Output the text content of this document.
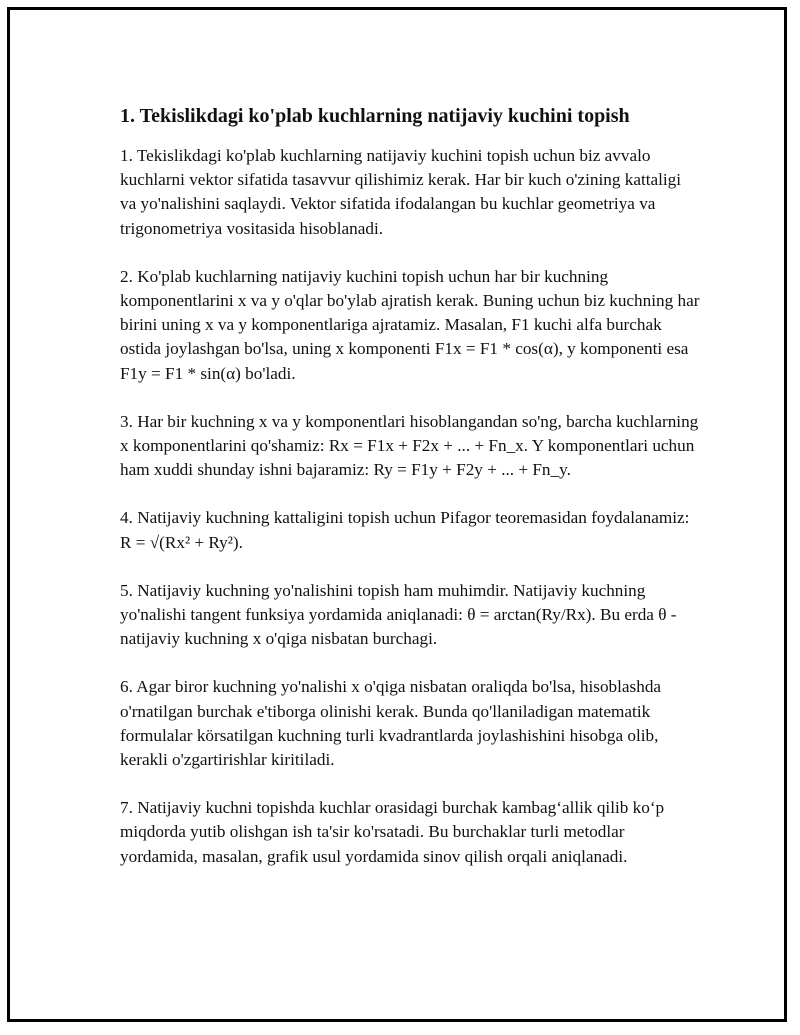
1. Tekislikdagi ko'plab kuchlarning natijaviy kuchini topish

1. Tekislikdagi ko'plab kuchlarning natijaviy kuchini topish uchun biz avvalo kuchlarni vektor sifatida tasavvur qilishimiz kerak. Har bir kuch o'zining kattaligi va yo'nalishini saqlaydi. Vektor sifatida ifodalangan bu kuchlar geometriya va trigonometriya vositasida hisoblanadi.

2. Ko'plab kuchlarning natijaviy kuchini topish uchun har bir kuchning komponentlarini x va y o'qlar bo'ylab ajratish kerak. Buning uchun biz kuchning har birini uning x va y komponentlariga ajratamiz. Masalan, F1 kuchi alfa burchak ostida joylashgan bo'lsa, uning x komponenti F1x = F1 * cos(α), y komponenti esa F1y = F1 * sin(α) bo'ladi.

3. Har bir kuchning x va y komponentlari hisoblangandan so'ng, barcha kuchlarning x komponentlarini qo'shamiz: Rx = F1x + F2x + ... + Fn_x. Y komponentlari uchun ham xuddi shunday ishni bajaramiz: Ry = F1y + F2y + ... + Fn_y.

4. Natijaviy kuchning kattaligini topish uchun Pifagor teoremasidan foydalanamiz: R = √(Rx² + Ry²).

5. Natijaviy kuchning yo'nalishini topish ham muhimdir. Natijaviy kuchning yo'nalishi tangent funksiya yordamida aniqlanadi: θ = arctan(Ry/Rx). Bu erda θ - natijaviy kuchning x o'qiga nisbatan burchagi.

6. Agar biror kuchning yo'nalishi x o'qiga nisbatan oraliqda bo'lsa, hisoblashda o'rnatilgan burchak e'tiborga olinishi kerak. Bunda qo'llaniladigan matematik formulalar körsatilgan kuchning turli kvadrantlarda joylashishini hisobga olib, kerakli o'zgartirishlar kiritiladi.

7. Natijaviy kuchni topishda kuchlar orasidagi burchak kambag‘allik qilib ko‘p miqdorda yutib olishgan ish ta'sir ko'rsatadi. Bu burchaklar turli metodlar yordamida, masalan, grafik usul yordamida sinov qilish orqali aniqlanadi.
